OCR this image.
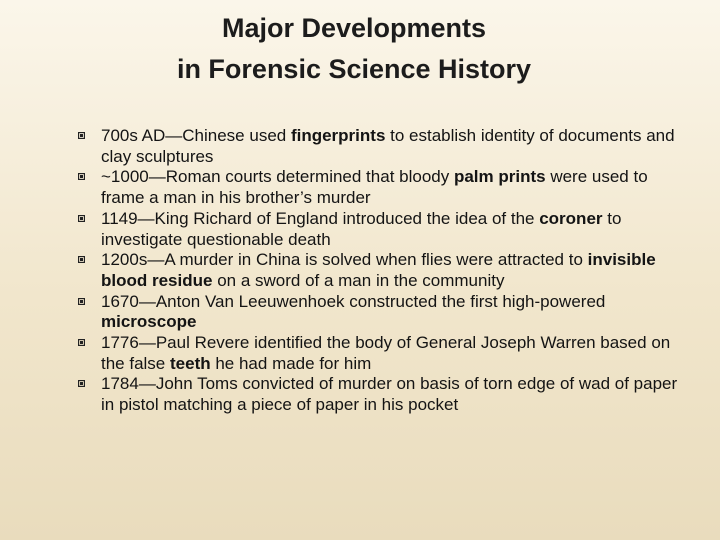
Major Developments
in Forensic Science History
700s AD—Chinese used fingerprints to establish identity of documents and clay sculptures
~1000—Roman courts determined that bloody palm prints were used to frame a man in his brother’s murder
1149—King Richard of England introduced the idea of the coroner to investigate questionable death
1200s—A murder in China is solved when flies were attracted to invisible blood residue on a sword of a man in the community
1670—Anton Van Leeuwenhoek constructed the first high-powered microscope
1776—Paul Revere identified the body of General Joseph Warren based on the false teeth he had made for him
1784—John Toms convicted of murder on basis of torn edge of wad of paper in pistol matching a piece of paper in his pocket
